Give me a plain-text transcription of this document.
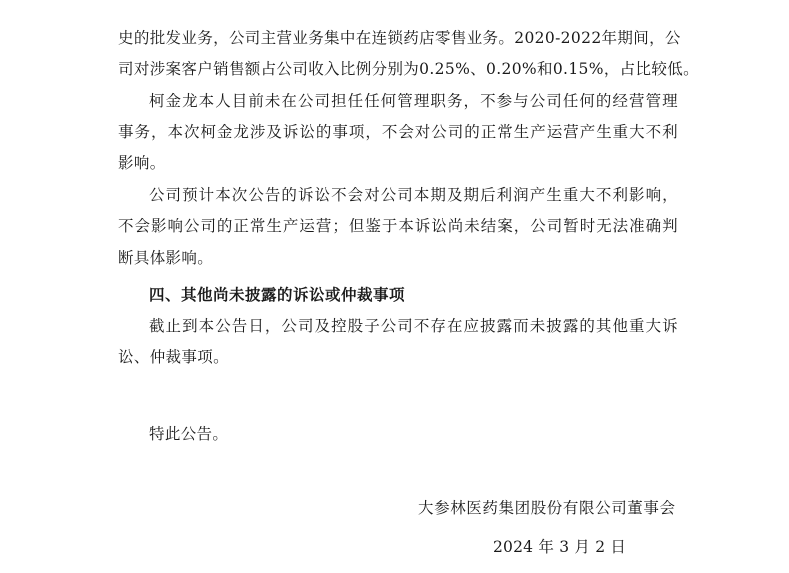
史的批发业务，公司主营业务集中在连锁药店零售业务。2020-2022年期间，公
司对涉案客户销售额占公司收入比例分别为0.25%、0.20%和0.15%，占比较低。
柯金龙本人目前未在公司担任任何管理职务，不参与公司任何的经营管理
事务，本次柯金龙涉及诉讼的事项，不会对公司的正常生产运营产生重大不利
影响。
公司预计本次公告的诉讼不会对公司本期及期后利润产生重大不利影响，
不会影响公司的正常生产运营；但鉴于本诉讼尚未结案，公司暂时无法准确判
断具体影响。
四、其他尚未披露的诉讼或仲裁事项
截止到本公告日，公司及控股子公司不存在应披露而未披露的其他重大诉
讼、仲裁事项。
特此公告。
大参林医药集团股份有限公司董事会
2024 年 3 月 2 日
